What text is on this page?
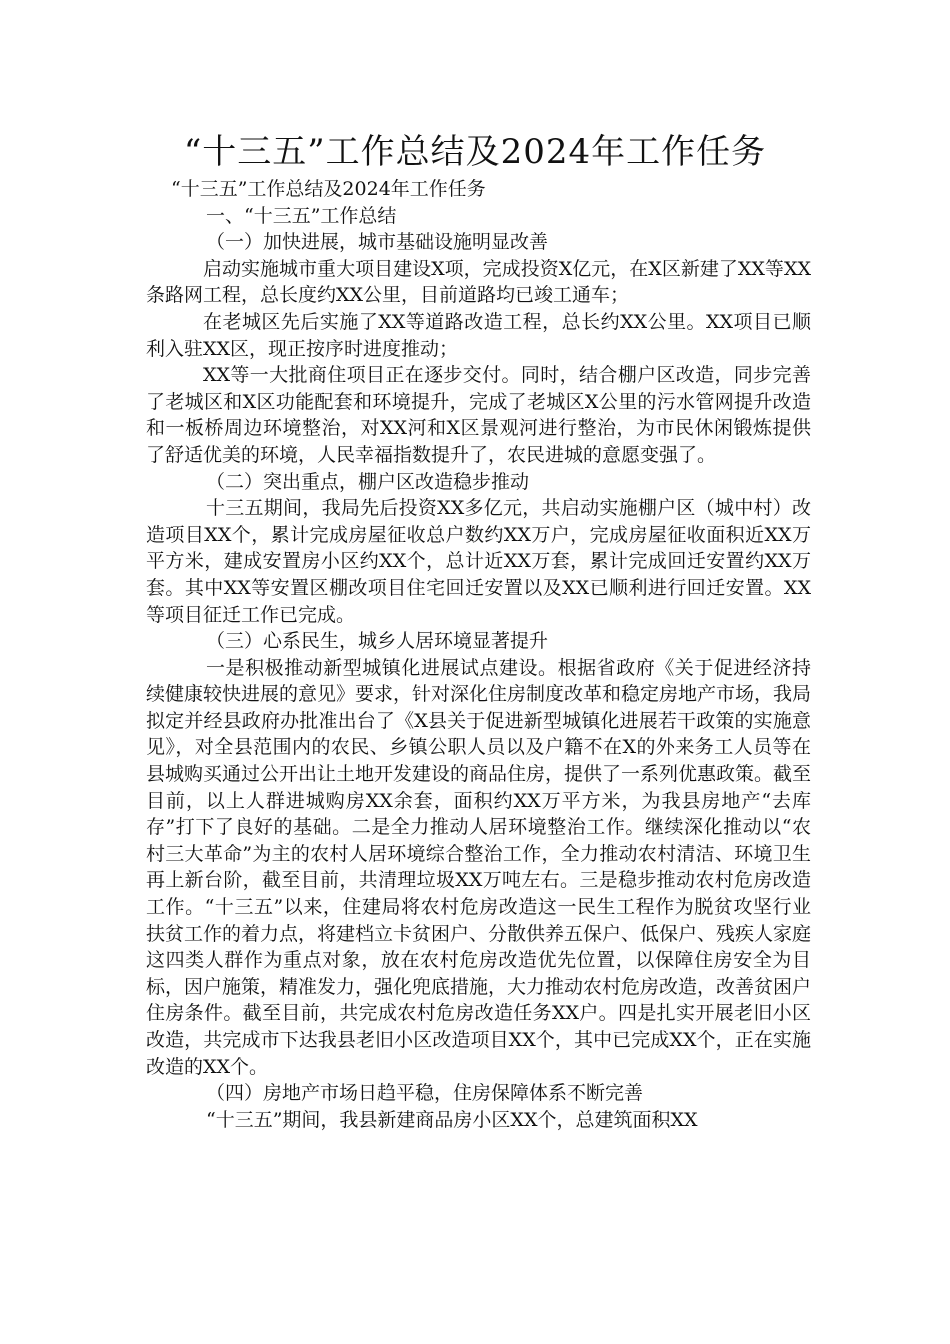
“十三五”工作总结及2024年工作任务

“十三五”工作总结及2024年工作任务

一、“十三五”工作总结

（一）加快进展，城市基础设施明显改善

启动实施城市重大项目建设X项，完成投资X亿元，在X区新建了XX等XX条路网工程，总长度约XX公里，目前道路均已竣工通车；

在老城区先后实施了XX等道路改造工程，总长约XX公里。XX项目已顺利入驻XX区，现正按序时进度推动；

XX等一大批商住项目正在逐步交付。同时，结合棚户区改造，同步完善了老城区和X区功能配套和环境提升，完成了老城区X公里的污水管网提升改造和一板桥周边环境整治，对XX河和X区景观河进行整治，为市民休闲锻炼提供了舒适优美的环境，人民幸福指数提升了，农民进城的意愿变强了。

（二）突出重点，棚户区改造稳步推动

十三五期间，我局先后投资XX多亿元，共启动实施棚户区（城中村）改造项目XX个，累计完成房屋征收总户数约XX万户，完成房屋征收面积近XX万平方米，建成安置房小区约XX个，总计近XX万套，累计完成回迁安置约XX万套。其中XX等安置区棚改项目住宅回迁安置以及XX已顺利进行回迁安置。XX等项目征迁工作已完成。

（三）心系民生，城乡人居环境显著提升

一是积极推动新型城镇化进展试点建设。根据省政府《关于促进经济持续健康较快进展的意见》要求，针对深化住房制度改革和稳定房地产市场，我局拟定并经县政府办批准出台了《X县关于促进新型城镇化进展若干政策的实施意见》，对全县范围内的农民、乡镇公职人员以及户籍不在X的外来务工人员等在县城购买通过公开出让土地开发建设的商品住房，提供了一系列优惠政策。截至目前，以上人群进城购房XX余套，面积约XX万平方米，为我县房地产“去库存”打下了良好的基础。二是全力推动人居环境整治工作。继续深化推动以“农村三大革命”为主的农村人居环境综合整治工作，全力推动农村清洁、环境卫生再上新台阶，截至目前，共清理垃圾XX万吨左右。三是稳步推动农村危房改造工作。“十三五”以来，住建局将农村危房改造这一民生工程作为脱贫攻坚行业扶贫工作的着力点，将建档立卡贫困户、分散供养五保户、低保户、残疾人家庭这四类人群作为重点对象，放在农村危房改造优先位置，以保障住房安全为目标，因户施策，精准发力，强化兜底措施，大力推动农村危房改造，改善贫困户住房条件。截至目前，共完成农村危房改造任务XX户。四是扎实开展老旧小区改造，共完成市下达我县老旧小区改造项目XX个，其中已完成XX个，正在实施改造的XX个。

（四）房地产市场日趋平稳，住房保障体系不断完善

“十三五”期间，我县新建商品房小区XX个，总建筑面积XX
